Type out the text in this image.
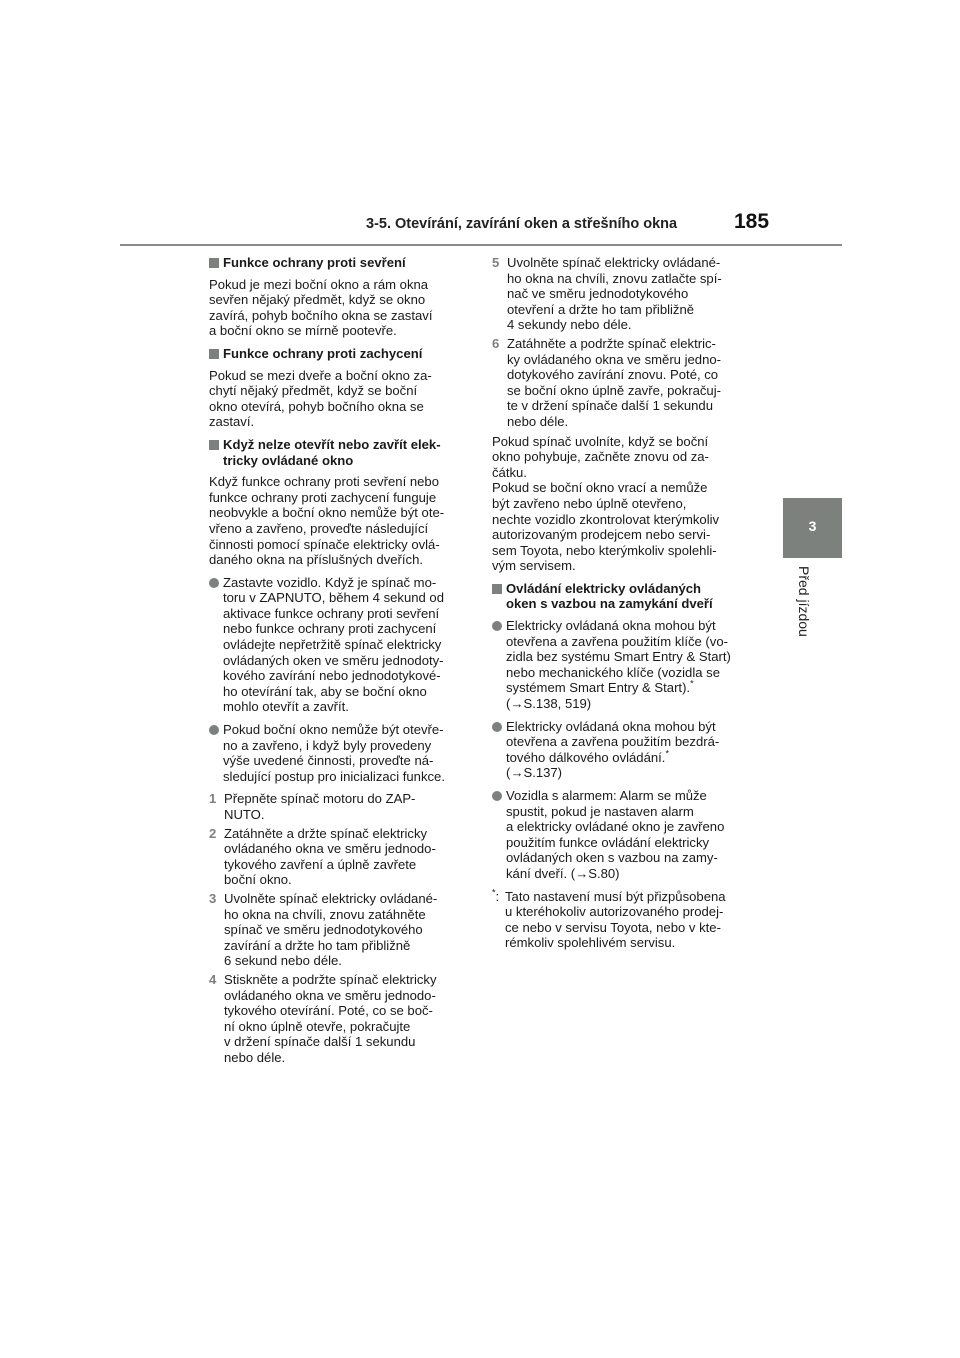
3-5. Otevírání, zavírání oken a střešního okna	185
3
Před jízdou
Funkce ochrany proti sevření
Pokud je mezi boční okno a rám okna
sevřen nějaký předmět, když se okno
zavírá, pohyb bočního okna se zastaví
a boční okno se mírně pootevře.
Funkce ochrany proti zachycení
Pokud se mezi dveře a boční okno za-
chytí nějaký předmět, když se boční
okno otevírá, pohyb bočního okna se
zastaví.
Když nelze otevřít nebo zavřít elek-
tricky ovládané okno
Když funkce ochrany proti sevření nebo
funkce ochrany proti zachycení funguje
neobvykle a boční okno nemůže být ote-
vřeno a zavřeno, proveďte následující
činnosti pomocí spínače elektricky ovlá-
daného okna na příslušných dveřích.
Zastavte vozidlo. Když je spínač mo-
toru v ZAPNUTO, během 4 sekund od
aktivace funkce ochrany proti sevření
nebo funkce ochrany proti zachycení
ovládejte nepřetržitě spínač elektricky
ovládaných oken ve směru jednodoty-
kového zavírání nebo jednodotykové-
ho otevírání tak, aby se boční okno
mohlo otevřít a zavřít.
Pokud boční okno nemůže být otevře-
no a zavřeno, i když byly provedeny
výše uvedené činnosti, proveďte ná-
sledující postup pro inicializaci funkce.
1 Přepněte spínač motoru do ZAP-
NUTO.
2 Zatáhněte a držte spínač elektricky
ovládaného okna ve směru jednodo-
tykového zavření a úplně zavřete
boční okno.
3 Uvolněte spínač elektricky ovládané-
ho okna na chvíli, znovu zatáhněte
spínač ve směru jednodotykového
zavírání a držte ho tam přibližně
6 sekund nebo déle.
4 Stiskněte a podržte spínač elektricky
ovládaného okna ve směru jednodo-
tykového otevírání. Poté, co se boč-
ní okno úplně otevře, pokračujte
v držení spínače další 1 sekundu
nebo déle.
5 Uvolněte spínač elektricky ovládané-
ho okna na chvíli, znovu zatlačte spí-
nač ve směru jednodotykového
otevření a držte ho tam přibližně
4 sekundy nebo déle.
6 Zatáhněte a podržte spínač elektric-
ky ovládaného okna ve směru jedno-
dotykového zavírání znovu. Poté, co
se boční okno úplně zavře, pokračuj-
te v držení spínače další 1 sekundu
nebo déle.
Pokud spínač uvolníte, když se boční
okno pohybuje, začněte znovu od za-
čátku.
Pokud se boční okno vrací a nemůže
být zavřeno nebo úplně otevřeno,
nechte vozidlo zkontrolovat kterýmkoliv
autorizovaným prodejcem nebo servi-
sem Toyota, nebo kterýmkoliv spolehli-
vým servisem.
Ovládání elektricky ovládaných
oken s vazbou na zamykání dveří
Elektricky ovládaná okna mohou být
otevřena a zavřena použitím klíče (vo-
zidla bez systému Smart Entry & Start)
nebo mechanického klíče (vozidla se
systémem Smart Entry & Start).*
(→S.138, 519)
Elektricky ovládaná okna mohou být
otevřena a zavřena použitím bezdrá-
tového dálkového ovládání.*
(→S.137)
Vozidla s alarmem: Alarm se může
spustit, pokud je nastaven alarm
a elektricky ovládané okno je zavřeno
použitím funkce ovládání elektricky
ovládaných oken s vazbou na zamy-
kání dveří. (→S.80)
*: Tato nastavení musí být přizpůsobena
u kteréhokoliv autorizovaného prodej-
ce nebo v servisu Toyota, nebo v kte-
rémkoliv spolehlivém servisu.
